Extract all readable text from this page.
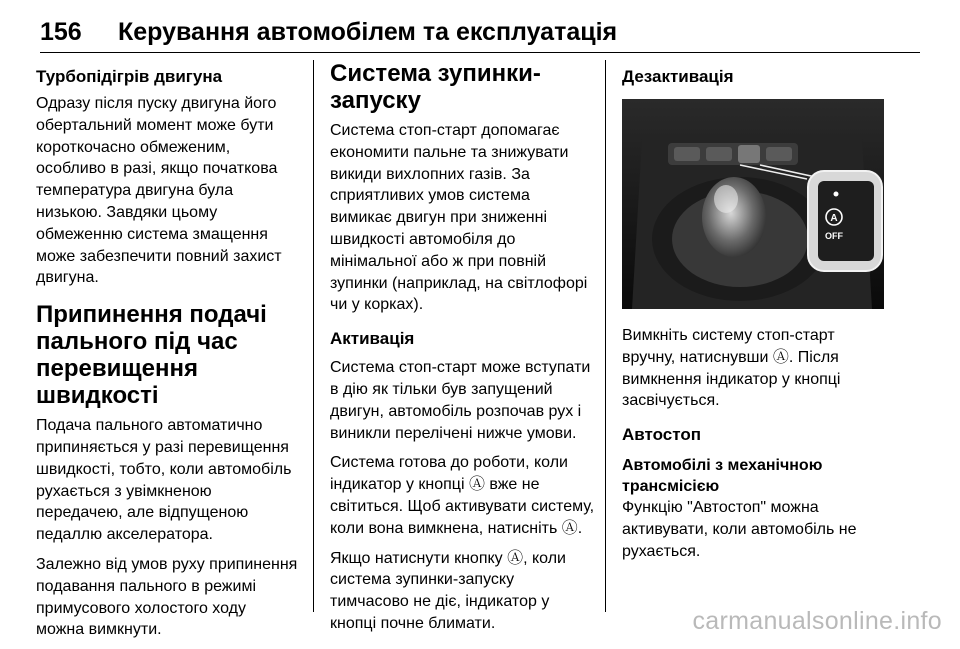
156 Керування автомобілем та експлуатація
Турбопідігрів двигуна

Одразу після пуску двигуна його обертальний момент може бути короткочасно обмеженим, особливо в разі, якщо початкова температура двигуна була низькою. Завдяки цьому обмеженню система змащення може забезпечити повний захист двигуна.

Припинення подачі пального під час перевищення швидкості

Подача пального автоматично припиняється у разі перевищення швидкості, тобто, коли автомобіль рухається з увімкненою передачею, але відпущеною педаллю акселератора.

Залежно від умов руху припинення подавання пального в режимі примусового холостого ходу можна вимкнути.

Система зупинки-запуску

Система стоп-старт допомагає економити пальне та знижувати викиди вихлопних газів. За сприятливих умов система вимикає двигун при зниженні швидкості автомобіля до мінімальної або ж при повній зупинки (наприклад, на світлофорі чи у корках).

Активація

Система стоп-старт може вступати в дію як тільки був запущений двигун, автомобіль розпочав рух і виникли перелічені нижче умови.

Система готова до роботи, коли індикатор у кнопці Ⓐ вже не світиться. Щоб активувати систему, коли вона вимкнена, натисніть Ⓐ.

Якщо натиснути кнопку Ⓐ, коли система зупинки-запуску тимчасово не діє, індикатор у кнопці почне блимати.

Дезактивація
A
OFF

Вимкніть систему стоп-старт вручну, натиснувши Ⓐ. Після вимкнення індикатор у кнопці засвічується.

Автостоп
Автомобілі з механічною трансмісією

Функцію "Автостоп" можна активувати, коли автомобіль не рухається.

carmanualsonline.info
